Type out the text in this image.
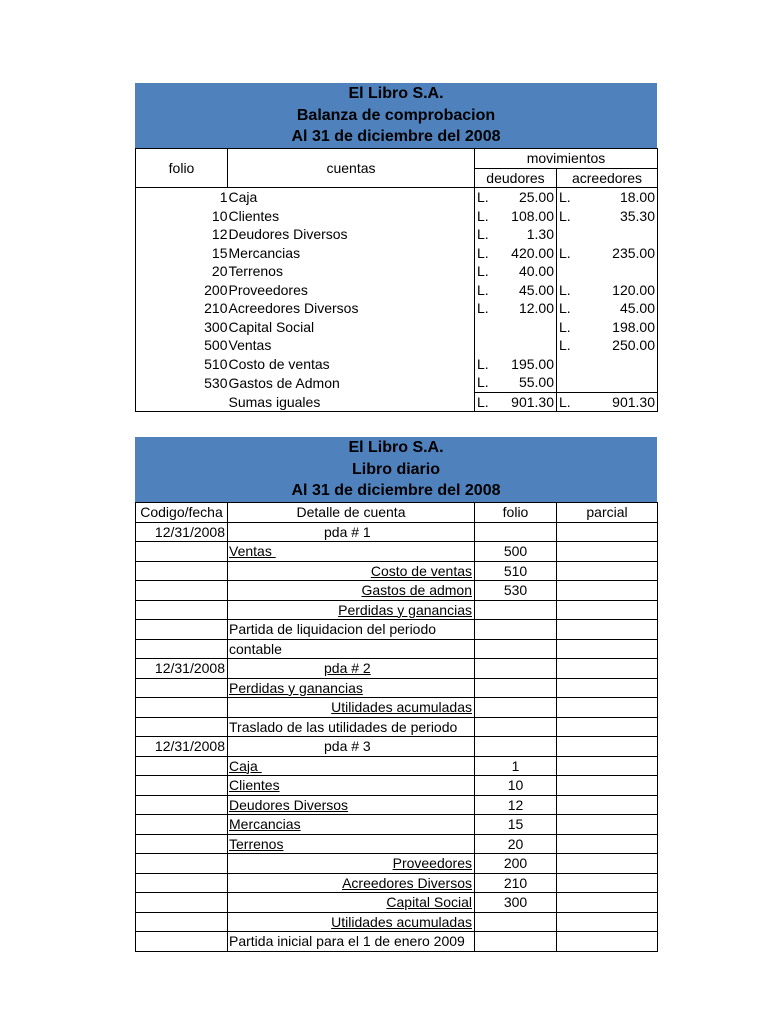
El Libro S.A.
Balanza de comprobacion
Al 31 de diciembre del 2008
folio	cuentas	movimientos	
		deudores	acreedores
1	Caja	L. 25.00	L. 18.00

10	Clientes	L. 108.00	L. 35.30

12	Deudores Diversos	L. 1.30	

15	Mercancias	L. 420.00	L. 235.00

20	Terrenos	L. 40.00	

200	Proveedores	L. 45.00	L. 120.00

210	Acreedores Diversos	L. 12.00	L. 45.00

300	Capital Social		L. 198.00

500	Ventas		L. 250.00

510	Costo de ventas	L. 195.00	

530	Gastos de Admon	L. 55.00	

	Sumas iguales	L. 901.30	L. 901.30
El Libro S.A.
Libro diario
Al 31 de diciembre del 2008
Codigo/fecha	Detalle de cuenta	folio	parcial
12/31/2008	pda # 1		
	Ventas	500	
	Costo de ventas	510	
	Gastos de admon	530	
	Perdidas y ganancias		
	Partida de liquidacion del periodo		
	contable		
12/31/2008	pda # 2		
	Perdidas y ganancias		
	Utilidades acumuladas		
	Traslado de las utilidades de periodo		
12/31/2008	pda # 3		
	Caja	1	
	Clientes	10	
	Deudores Diversos	12	
	Mercancias	15	
	Terrenos	20	
	Proveedores	200	
	Acreedores Diversos	210	
	Capital Social	300	
	Utilidades acumuladas		
	Partida inicial para el 1 de enero 2009		
